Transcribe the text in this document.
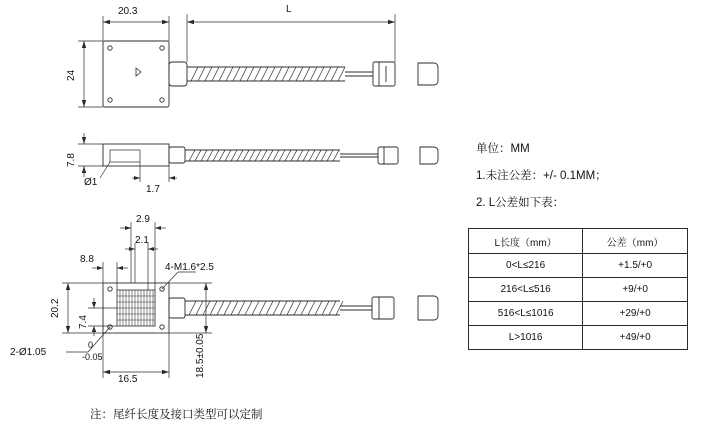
20.3	L
24
7.8
Ø1
1.7
2.9
2.1
8.8
4-M1.6*2.5
20.2
7.4
2-Ø1.05
0
-0.05
16.5
18.5±0.05
单位：MM
1.未注公差：+/- 0.1MM；
2. L公差如下表：
注：尾纤长度及接口类型可以定制
L长度（mm）	公差（mm）
0<L≤216	+1.5/+0
216<L≤516	+9/+0
516<L≤1016	+29/+0
L>1016	+49/+0
